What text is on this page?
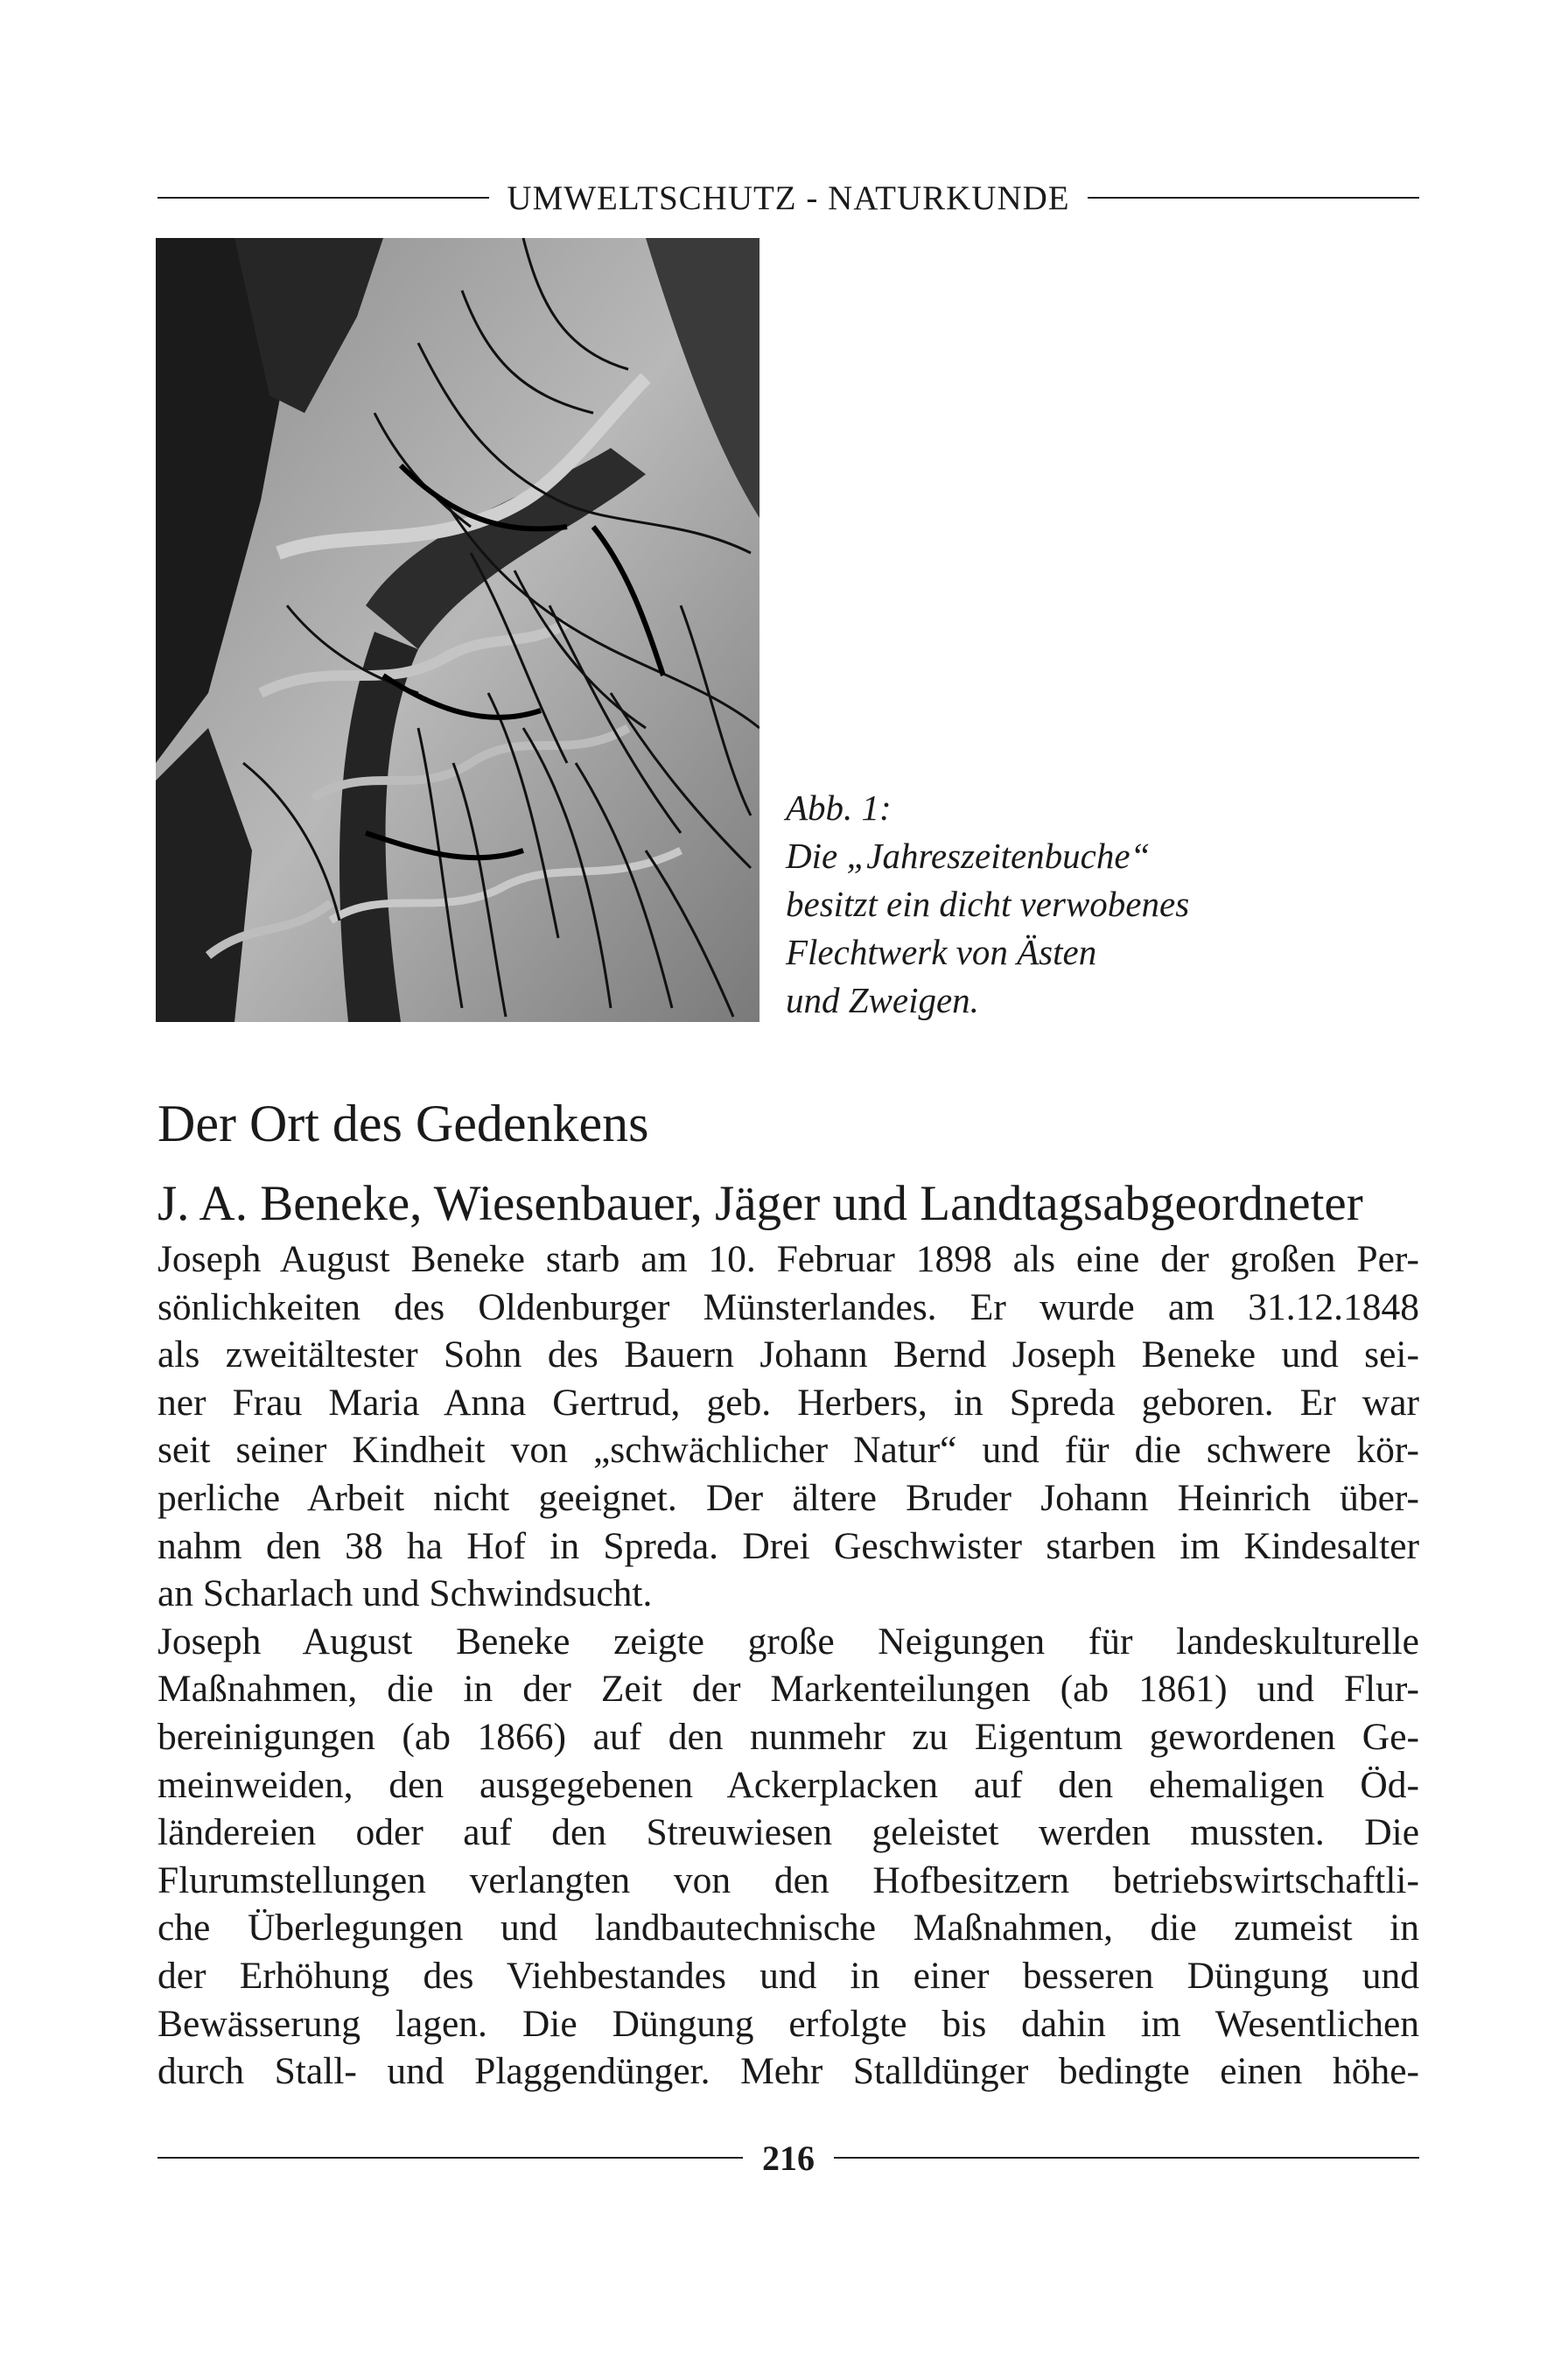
UMWELTSCHUTZ - NATURKUNDE
Abb. 1:
Die „Jahreszeitenbuche“
besitzt ein dicht verwobenes
Flechtwerk von Ästen
und Zweigen.
Der Ort des Gedenkens
J. A. Beneke, Wiesenbauer, Jäger und Landtagsabgeordneter
Joseph August Beneke starb am 10. Februar 1898 als eine der großen Per-
sönlichkeiten des Oldenburger Münsterlandes. Er wurde am 31.12.1848
als zweitältester Sohn des Bauern Johann Bernd Joseph Beneke und sei-
ner Frau Maria Anna Gertrud, geb. Herbers, in Spreda geboren. Er war
seit seiner Kindheit von „schwächlicher Natur“ und für die schwere kör-
perliche Arbeit nicht geeignet. Der ältere Bruder Johann Heinrich über-
nahm den 38 ha Hof in Spreda. Drei Geschwister starben im Kindesalter
an Scharlach und Schwindsucht.
Joseph August Beneke zeigte große Neigungen für landeskulturelle
Maßnahmen, die in der Zeit der Markenteilungen (ab 1861) und Flur-
bereinigungen (ab 1866) auf den nunmehr zu Eigentum gewordenen Ge-
meinweiden, den ausgegebenen Ackerplacken auf den ehemaligen Öd-
ländereien oder auf den Streuwiesen geleistet werden mussten. Die
Flurumstellungen verlangten von den Hofbesitzern betriebswirtschaftli-
che Überlegungen und landbautechnische Maßnahmen, die zumeist in
der Erhöhung des Viehbestandes und in einer besseren Düngung und
Bewässerung lagen. Die Düngung erfolgte bis dahin im Wesentlichen
durch Stall- und Plaggendünger. Mehr Stalldünger bedingte einen höhe-
216
